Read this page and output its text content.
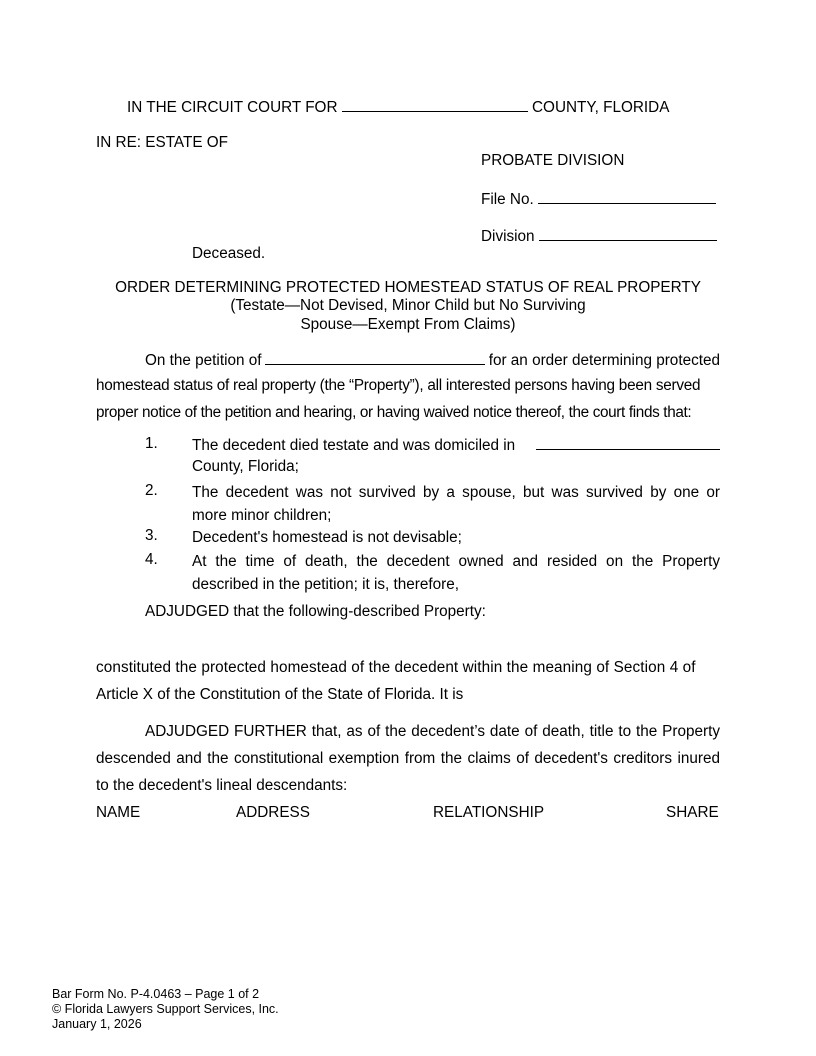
IN THE CIRCUIT COURT FOR	COUNTY, FLORIDA
IN RE: ESTATE OF
PROBATE DIVISION
File No.
Division
Deceased.
ORDER DETERMINING PROTECTED HOMESTEAD STATUS OF REAL PROPERTY
(Testate—Not Devised, Minor Child but No Surviving
Spouse—Exempt From Claims)
On the petition of	for an order determining protected
homestead status of real property (the “Property”), all interested persons having been served
proper notice of the petition and hearing, or having waived notice thereof, the court finds that:
1. The decedent died testate and was domiciled in
County, Florida;
2. The decedent was not survived by a spouse, but was survived by one or more minor children;
3. Decedent's homestead is not devisable;
4. At the time of death, the decedent owned and resided on the Property described in the petition; it is, therefore,
ADJUDGED that the following-described Property:
constituted the protected homestead of the decedent within the meaning of Section 4 of
Article X of the Constitution of the State of Florida. It is
ADJUDGED FURTHER that, as of the decedent’s date of death, title to the Property descended and the constitutional exemption from the claims of decedent's creditors inured to the decedent's lineal descendants:
NAME	ADDRESS	RELATIONSHIP	SHARE
Bar Form No. P-4.0463 – Page 1 of 2
© Florida Lawyers Support Services, Inc.
January 1, 2026
